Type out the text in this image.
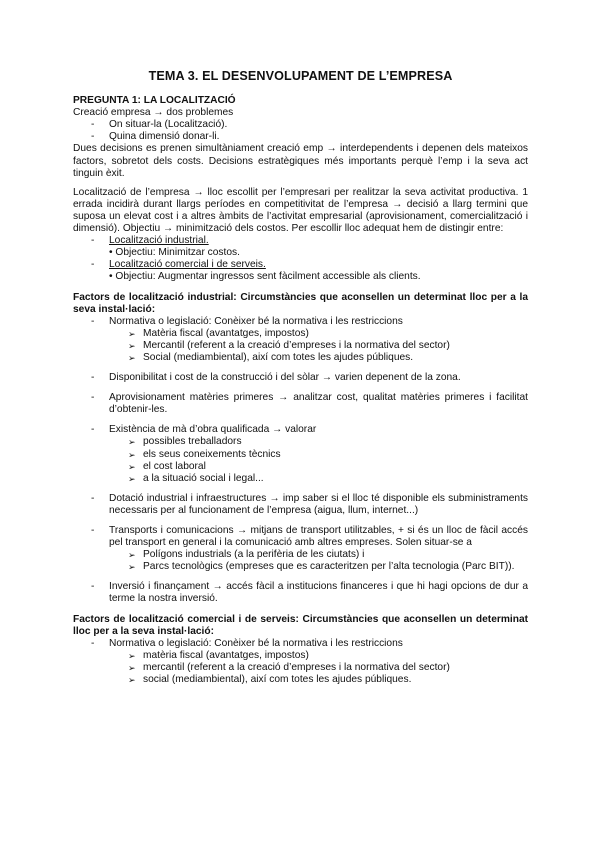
TEMA 3. EL DESENVOLUPAMENT DE L’EMPRESA

PREGUNTA 1: LA LOCALITZACIÓ

Creació empresa → dos problemes

- On situar-la (Localització).

- Quina dimensió donar-li.

Dues decisions es prenen simultàniament creació emp → interdependents i depenen dels mateixos factors, sobretot dels costs. Decisions estratègiques més importants perquè l’emp i la seva act tinguin èxit.

Localització de l’empresa → lloc escollit per l’empresari per realitzar la seva activitat productiva. 1 errada incidirà durant llargs períodes en competitivitat de l’empresa → decisió a llarg termini que suposa un elevat cost i a altres àmbits de l’activitat empresarial (aprovisionament, comercialització i dimensió). Objectiu → minimització dels costos. Per escollir lloc adequat hem de distingir entre:

- Localització industrial.

• Objectiu: Minimitzar costos.

- Localització comercial i de serveis.

• Objectiu: Augmentar ingressos sent fàcilment accessible als clients.

Factors de localització industrial: Circumstàncies que aconsellen un determinat lloc per a la seva instal·lació:

- Normativa o legislació: Conèixer bé la normativa i les restriccions

➢ Matèria fiscal (avantatges, impostos)

➢ Mercantil (referent a la creació d’empreses i la normativa del sector)

➢ Social (mediambiental), així com totes les ajudes públiques.

- Disponibilitat i cost de la construcció i del sòlar → varien depenent de la zona.

- Aprovisionament matèries primeres → analitzar cost, qualitat matèries primeres i facilitat d’obtenir-les.

- Existència de mà d’obra qualificada → valorar

➢ possibles treballadors

➢ els seus coneixements tècnics

➢ el cost laboral

➢ a la situació social i legal...

- Dotació industrial i infraestructures → imp saber si el lloc té disponible els subministraments necessaris per al funcionament de l’empresa (aigua, llum, internet...)

- Transports i comunicacions → mitjans de transport utilitzables, + si és un lloc de fàcil accés pel transport en general i la comunicació amb altres empreses. Solen situar-se a

➢ Polígons industrials (a la perifèria de les ciutats) i

➢ Parcs tecnològics (empreses que es caracteritzen per l’alta tecnologia (Parc BIT)).

- Inversió i finançament → accés fàcil a institucions financeres i que hi hagi opcions de dur a terme la nostra inversió.

Factors de localització comercial i de serveis: Circumstàncies que aconsellen un determinat lloc per a la seva instal·lació:

- Normativa o legislació: Conèixer bé la normativa i les restriccions

➢ matèria fiscal (avantatges, impostos)

➢ mercantil (referent a la creació d’empreses i la normativa del sector)

➢ social (mediambiental), així com totes les ajudes públiques.
